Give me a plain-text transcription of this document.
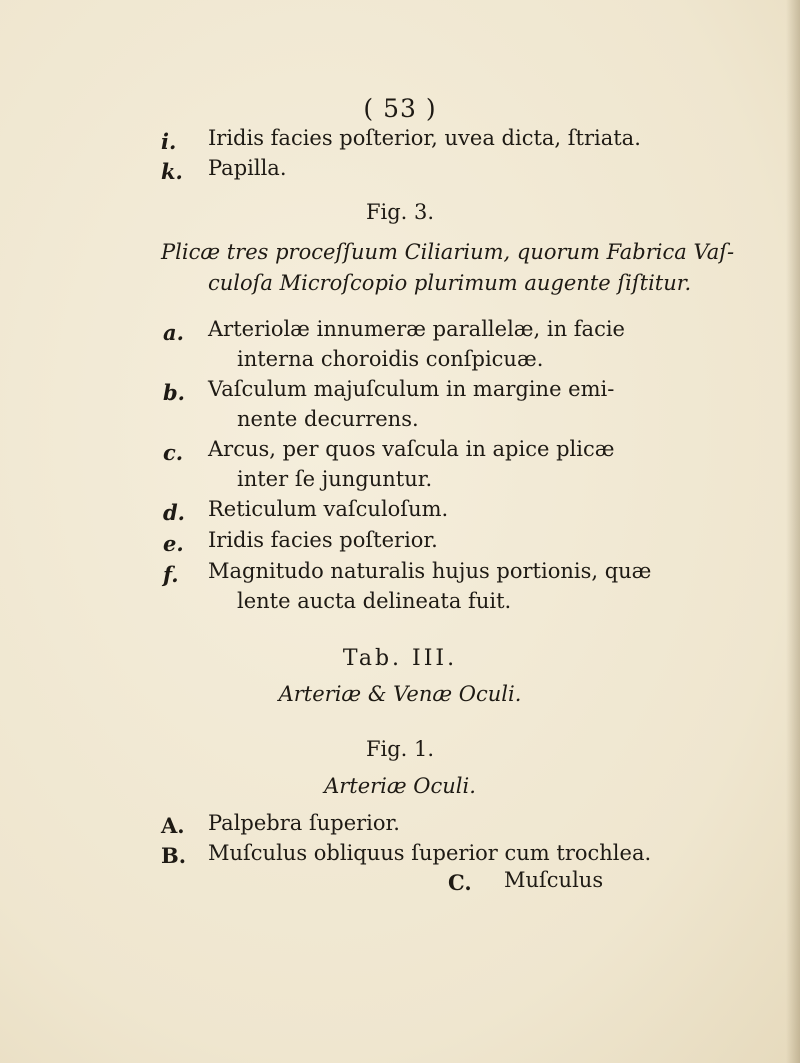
( 53 )
i. Iridis facies poſterior, uvea dicta, ſtriata.
k. Papilla.
Fig. 3.
Plicæ tres proceſſuum Ciliarium, quorum Fabrica Vaſ-
culoſa Microſcopio plurimum augente ſiſtitur.
a. Arteriolæ innumeræ parallelæ, in facie
interna choroidis conſpicuæ.
b. Vaſculum majuſculum in margine emi-
nente decurrens.
c. Arcus, per quos vaſcula in apice plicæ
inter ſe junguntur.
d. Reticulum vaſculoſum.
e. Iridis facies poſterior.
f. Magnitudo naturalis hujus portionis, quæ
lente aucta delineata fuit.
Tab. III.
Arteriæ & Venæ Oculi.
Fig. 1.
Arteriæ Oculi.
A. Palpebra ſuperior.
B. Muſculus obliquus ſuperior cum trochlea.
C. Muſculus
